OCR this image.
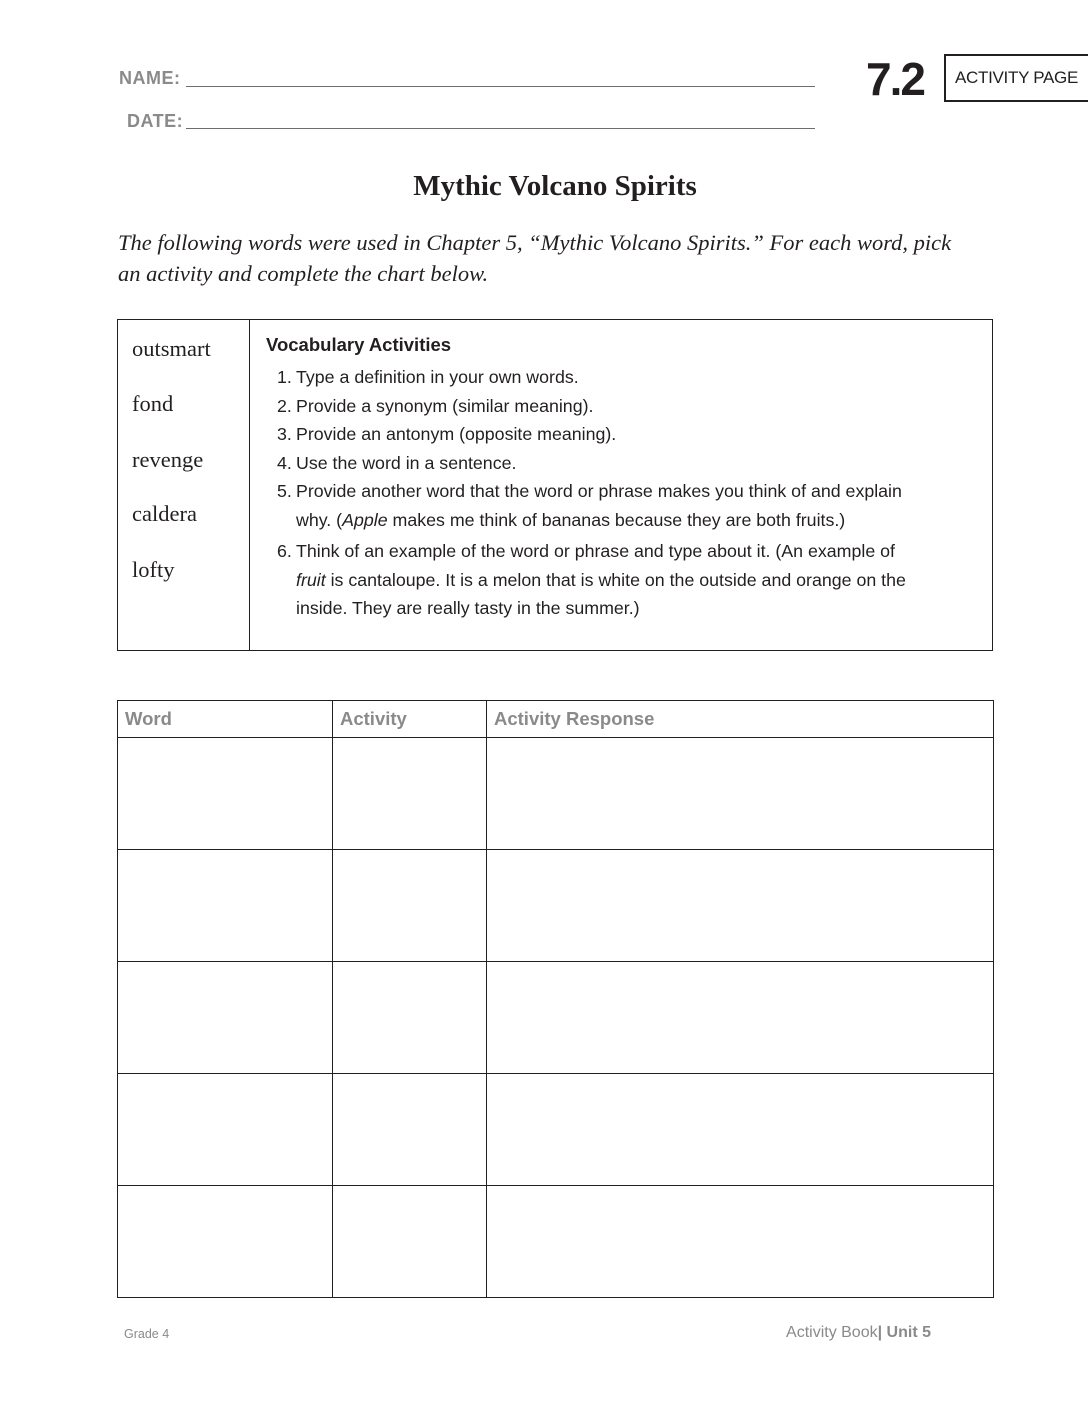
NAME:
DATE:
7.2 ACTIVITY PAGE
Mythic Volcano Spirits
The following words were used in Chapter 5, “Mythic Volcano Spirits.” For each word, pick
an activity and complete the chart below.
outsmart
fond
revenge
caldera
lofty
Vocabulary Activities
1. Type a definition in your own words.
2. Provide a synonym (similar meaning).
3. Provide an antonym (opposite meaning).
4. Use the word in a sentence.
5. Provide another word that the word or phrase makes you think of and explain
why. (Apple makes me think of bananas because they are both fruits.)
6. Think of an example of the word or phrase and type about it. (An example of
fruit is cantaloupe. It is a melon that is white on the outside and orange on the
inside. They are really tasty in the summer.)
Word	Activity	Activity Response

Grade 4	Activity Book| Unit 5
